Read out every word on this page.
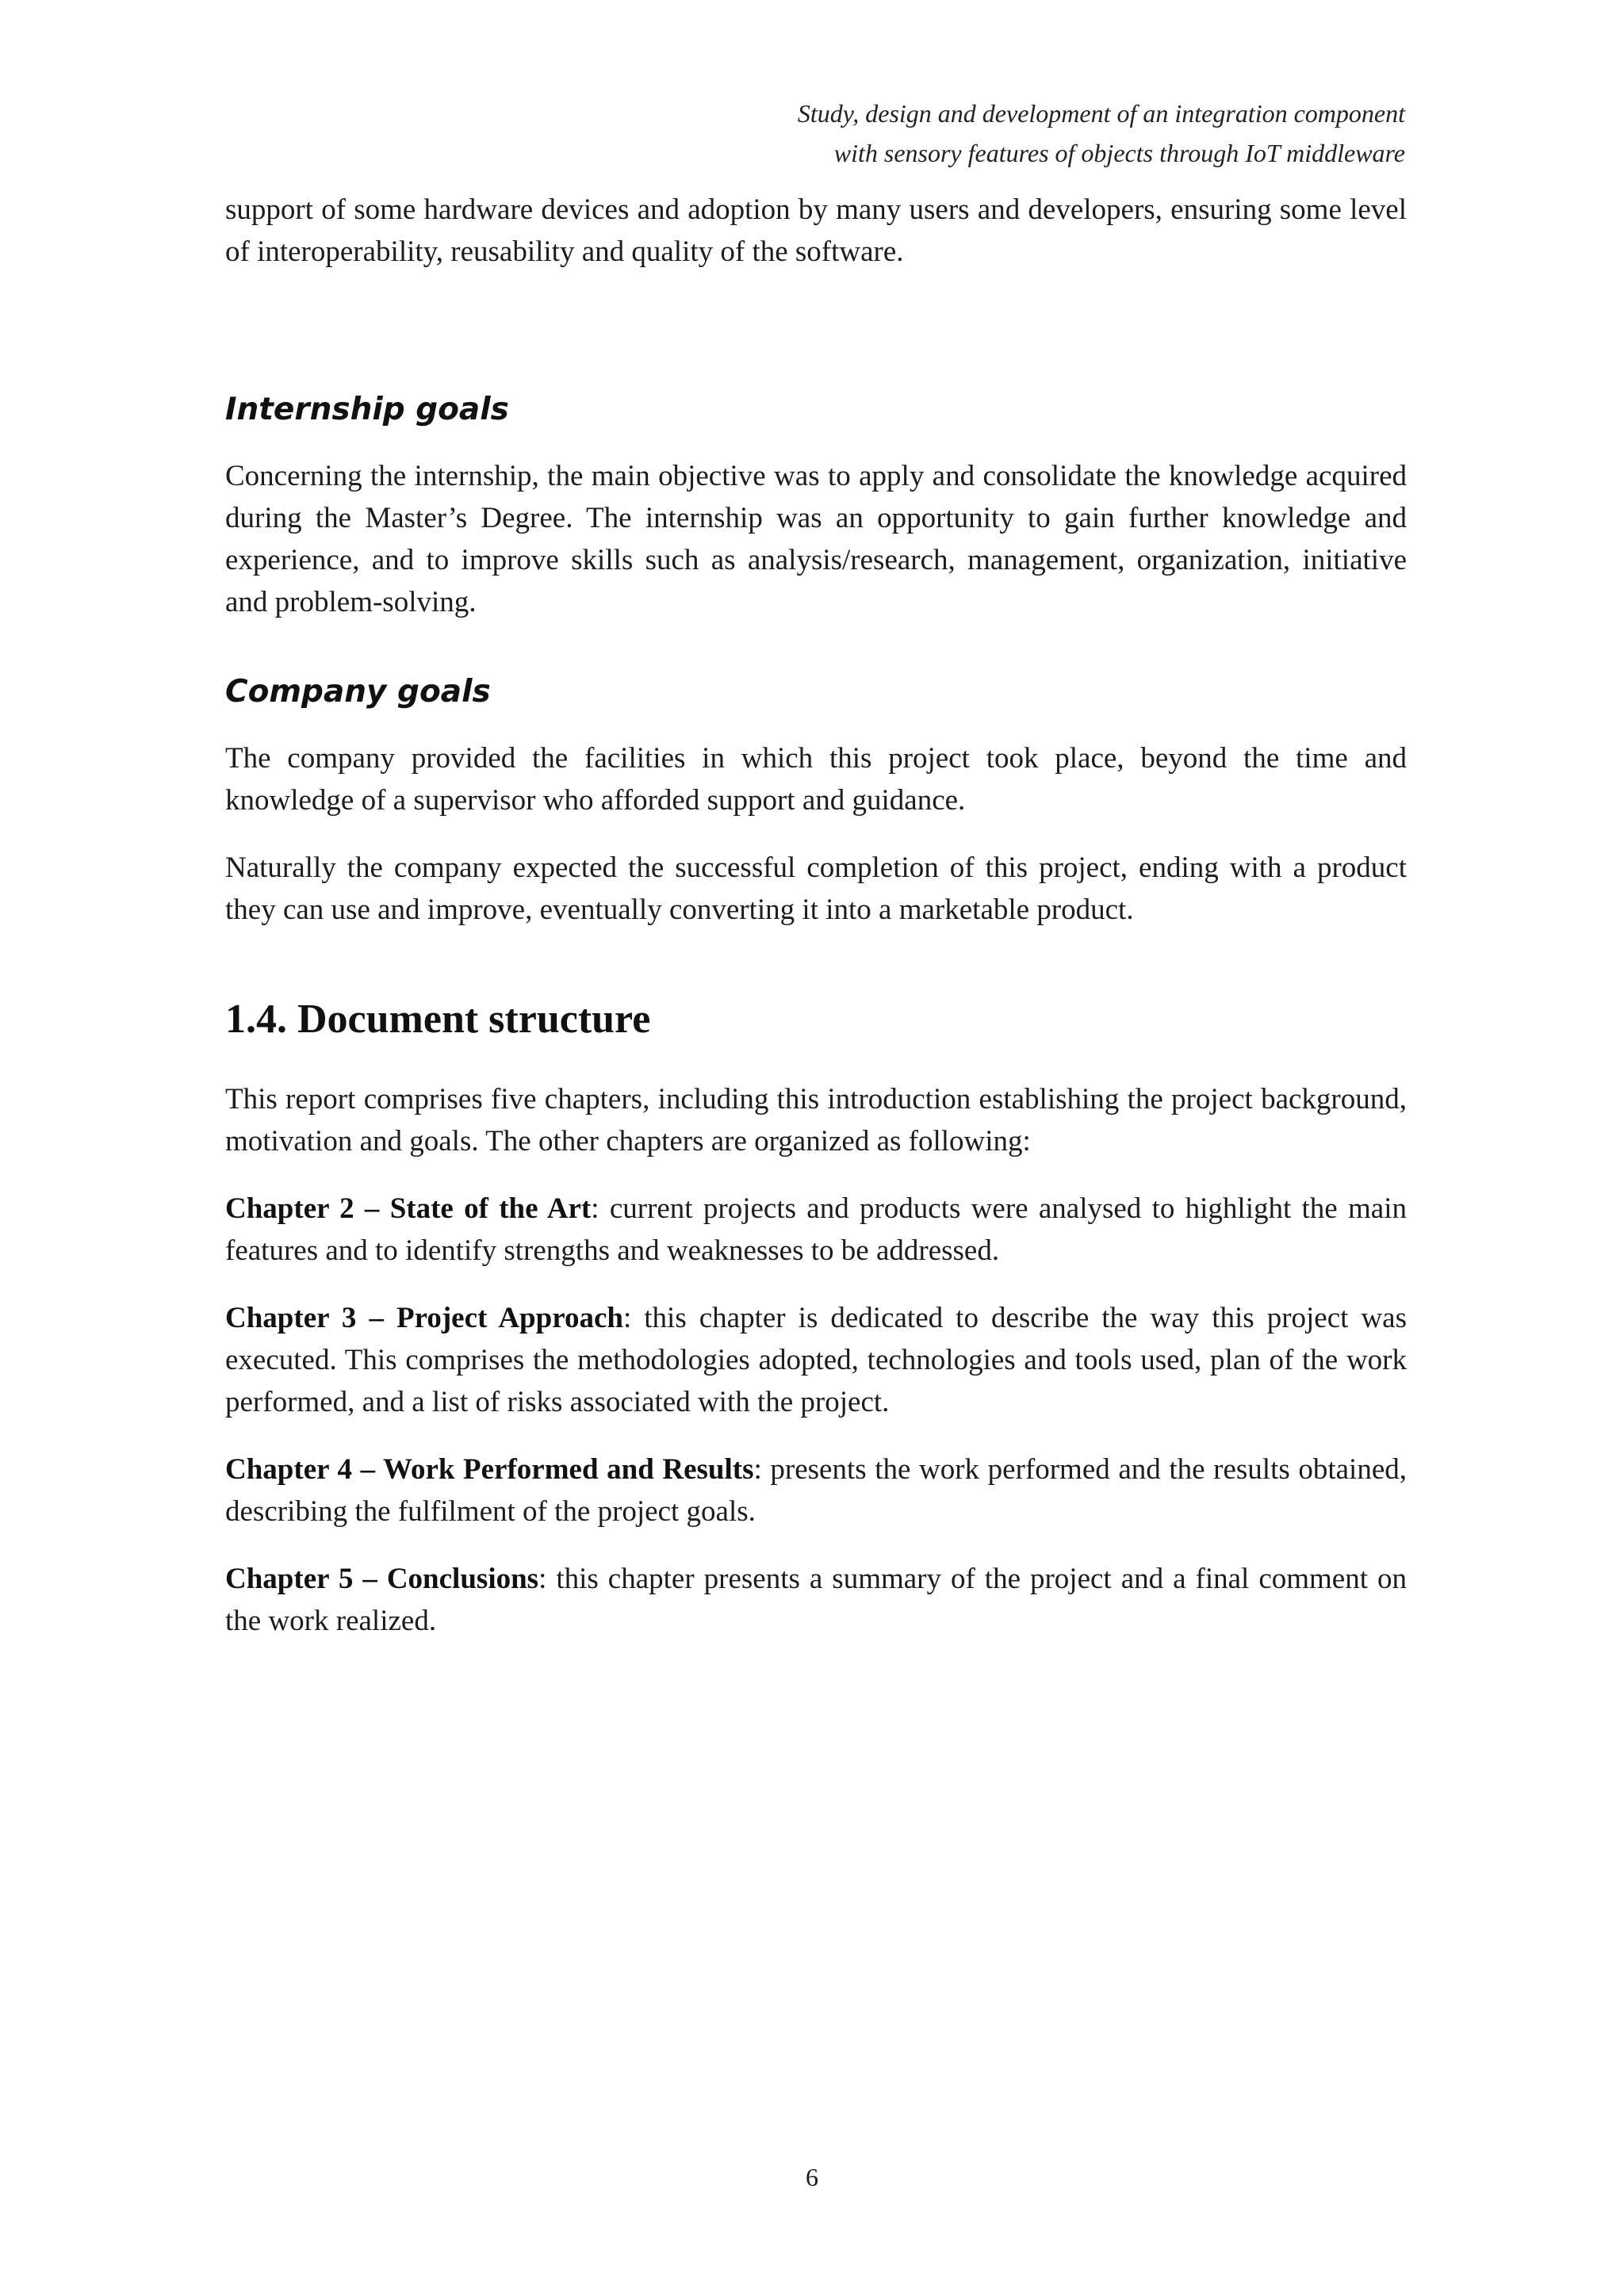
Study, design and development of an integration component
with sensory features of objects through IoT middleware

support of some hardware devices and adoption by many users and developers, ensuring some level of interoperability, reusability and quality of the software.

Internship goals

Concerning the internship, the main objective was to apply and consolidate the knowledge acquired during the Master’s Degree. The internship was an opportunity to gain further knowledge and experience, and to improve skills such as analysis/research, management, organization, initiative and problem-solving.

Company goals

The company provided the facilities in which this project took place, beyond the time and knowledge of a supervisor who afforded support and guidance.

Naturally the company expected the successful completion of this project, ending with a product they can use and improve, eventually converting it into a marketable product.

1.4. Document structure

This report comprises five chapters, including this introduction establishing the project background, motivation and goals. The other chapters are organized as following:

Chapter 2 – State of the Art: current projects and products were analysed to highlight the main features and to identify strengths and weaknesses to be addressed.

Chapter 3 – Project Approach: this chapter is dedicated to describe the way this project was executed. This comprises the methodologies adopted, technologies and tools used, plan of the work performed, and a list of risks associated with the project.

Chapter 4 – Work Performed and Results: presents the work performed and the results obtained, describing the fulfilment of the project goals.

Chapter 5 – Conclusions: this chapter presents a summary of the project and a final comment on the work realized.

6
